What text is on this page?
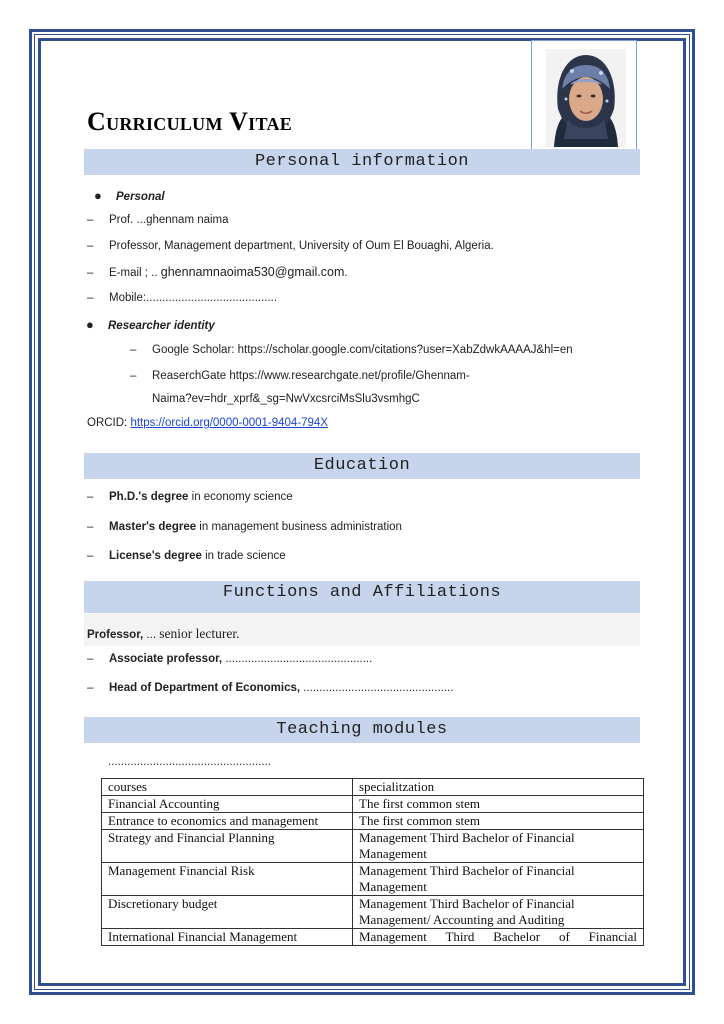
Curriculum Vitae
Personal information
● Personal
– Prof. ...ghennam naima
– Professor, Management department, University of Oum El Bouaghi, Algeria.
– E-mail ; .. ghennamnaoima530@gmail.com.
– Mobile:.........................................
● Researcher identity
– Google Scholar: https://scholar.google.com/citations?user=XabZdwkAAAAJ&hl=en
– ReaserchGate https://www.researchgate.net/profile/Ghennam-
Naima?ev=hdr_xprf&_sg=NwVxcsrciMsSlu3vsmhgC
ORCID: https://orcid.org/0000-0001-9404-794X
Education
– Ph.D.'s degree in economy science
– Master's degree in management business administration
– License's degree in trade science
Functions and Affiliations
Professor, ... senior lecturer.
– Associate professor, ..............................................
– Head of Department of Economics, ...............................................
Teaching modules
...................................................
courses	specialitzation
Financial Accounting	The first common stem
Entrance to economics and management	The first common stem
Strategy and Financial Planning	Management Third Bachelor of Financial Management
Management Financial Risk	Management Third Bachelor of Financial Management
Discretionary budget	Management Third Bachelor of Financial Management/ Accounting and Auditing
International Financial Management	Management Third Bachelor of Financial
